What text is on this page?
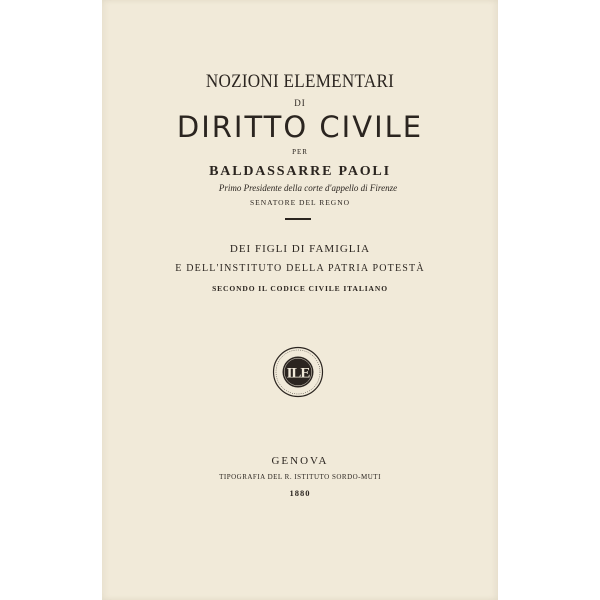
NOZIONI ELEMENTARI
DI
DIRITTO CIVILE
PER
BALDASSARRE PAOLI
Primo Presidente della corte d'appello di Firenze
SENATORE DEL REGNO
DEI FIGLI DI FAMIGLIA
E DELL'INSTITUTO DELLA PATRIA POTESTÀ
SECONDO IL CODICE CIVILE ITALIANO
ILE
GENOVA
TIPOGRAFIA DEL R. ISTITUTO SORDO-MUTI
1880
